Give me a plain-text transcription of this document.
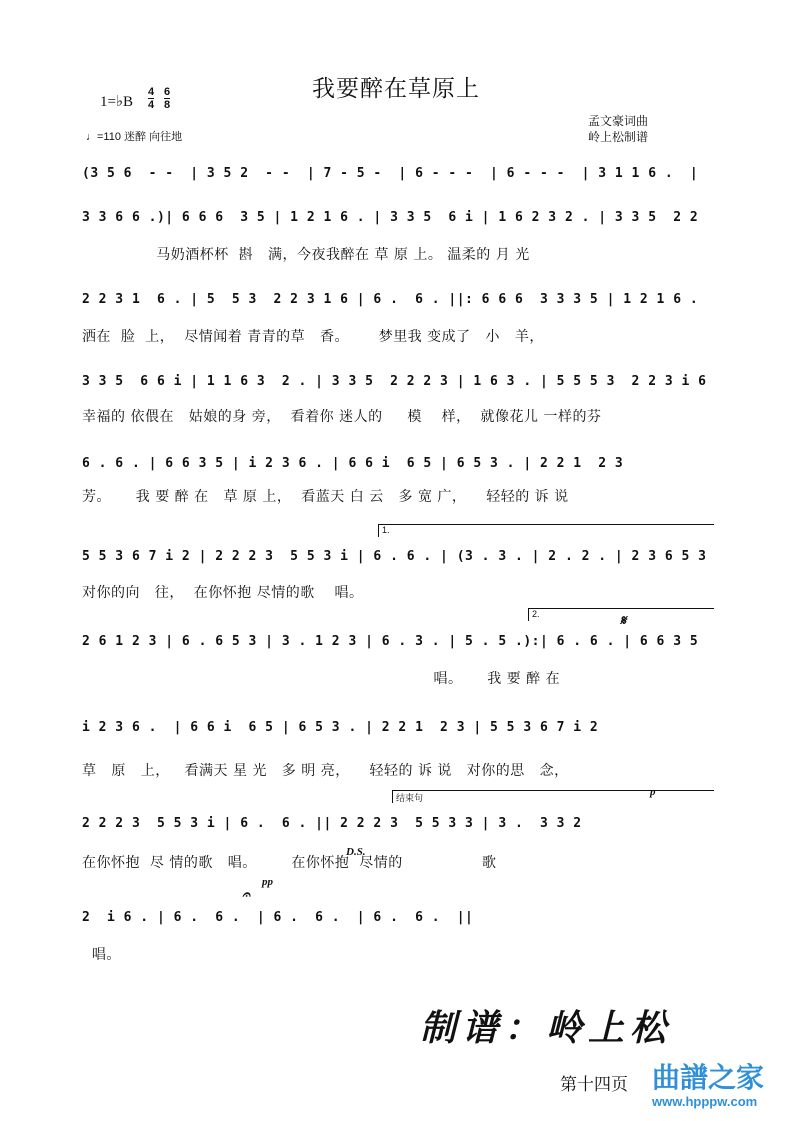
我要醉在草原上
1=♭B $\frac{4}{4} \frac{6}{8}$
♩=110 迷醉 向往地
孟文豪词曲
岭上松制谱
(3 5 6  - -  | 3 5 2  - -  | 7 - 5 -  | 6 - - -  | 6 - - -  | 3 1 1 6 .  |
3 3 6 6 .)| 6 6 6  3 5 | 1 2 1 6 . | 3 3 5  6 i | 1 6 2 3 2 . | 3 3 5  2 2
马奶酒杯杯  斟   满，今夜我醉在 草 原 上。 温柔的 月 光
2 2 3 1  6 . | 5  5 3  2 2 3 1 6 | 6 .  6 . ||: 6 6 6  3 3 3 5 | 1 2 1 6 .
洒在  脸  上，  尽情闻着 青青的草   香。      梦里我 变成了   小   羊，
3 3 5  6 6 i | 1 1 6 3  2 . | 3 3 5  2 2 2 3 | 1 6 3 . | 5 5 5 3  2 2 3 i 6
幸福的 依偎在   姑娘的身 旁，  看着你 迷人的     模    样，  就像花儿 一样的芬
6 . 6 . | 6 6 3 5 | i 2 3 6 . | 6 6 i  6 5 | 6 5 3 . | 2 2 1  2 3
芳。     我 要 醉 在   草 原 上，  看蓝天 白 云   多 宽 广，    轻轻的 诉 说
1.
5 5 3 6 7 i 2 | 2 2 2 3  5 5 3 i | 6 . 6 . | (3 . 3 . | 2 . 2 . | 2 3 6 5 3
对你的向   往，  在你怀抱 尽情的歌    唱。
2.	𝄋
2 6 1 2 3 | 6 . 6 5 3 | 3 . 1 2 3 | 6 . 3 . | 5 . 5 .):| 6 . 6 . | 6 6 3 5
唱。     我 要 醉 在
i 2 3 6 .  | 6 6 i  6 5 | 6 5 3 . | 2 2 1  2 3 | 5 5 3 6 7 i 2
草   原   上，   看满天 星 光   多 明 亮，    轻轻的 诉 说   对你的思   念，
结束句	p
2 2 2 3  5 5 3 i | 6 .  6 . || 2 2 2 3  5 5 3 3 | 3 .  3 3 2
D.S.
在你怀抱  尽 情的歌   唱。       在你怀抱  尽情的                歌
𝄐
pp
2  i 6 . | 6 .  6 .  | 6 .  6 .  | 6 .  6 .  ||
唱。
制谱：岭上松
第十四页 曲譜之家
www.hpppw.com
